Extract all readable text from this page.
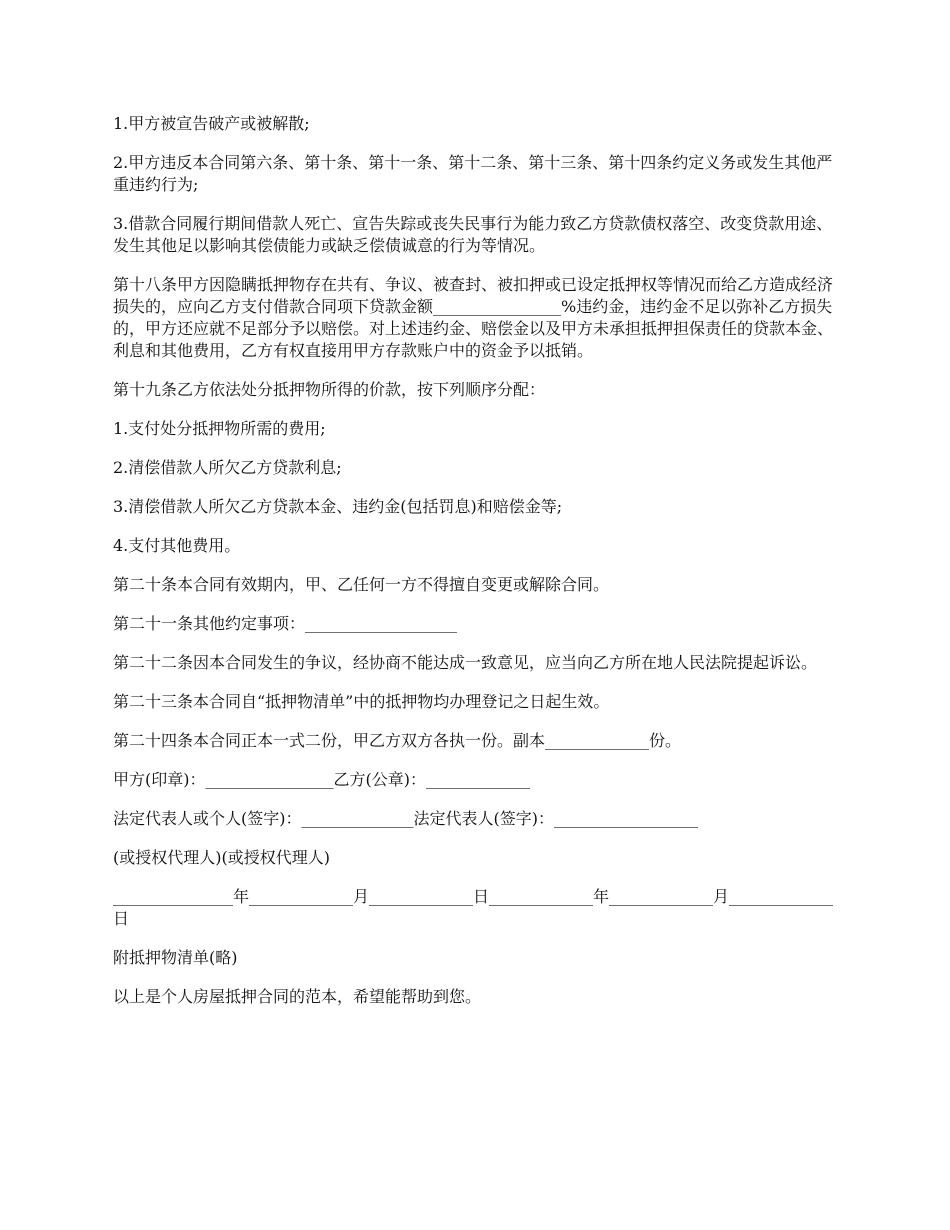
1.甲方被宣告破产或被解散;

2.甲方违反本合同第六条、第十条、第十一条、第十二条、第十三条、第十四条约定义务或发生其他严重违约行为;

3.借款合同履行期间借款人死亡、宣告失踪或丧失民事行为能力致乙方贷款债权落空、改变贷款用途、发生其他足以影响其偿债能力或缺乏偿债诚意的行为等情况。

第十八条甲方因隐瞒抵押物存在共有、争议、被查封、被扣押或已设定抵押权等情况而给乙方造成经济损失的，应向乙方支付借款合同项下贷款金额________________%违约金，违约金不足以弥补乙方损失的，甲方还应就不足部分予以赔偿。对上述违约金、赔偿金以及甲方未承担抵押担保责任的贷款本金、利息和其他费用，乙方有权直接用甲方存款账户中的资金予以抵销。

第十九条乙方依法处分抵押物所得的价款，按下列顺序分配：

1.支付处分抵押物所需的费用;

2.清偿借款人所欠乙方贷款利息;

3.清偿借款人所欠乙方贷款本金、违约金(包括罚息)和赔偿金等;

4.支付其他费用。

第二十条本合同有效期内，甲、乙任何一方不得擅自变更或解除合同。

第二十一条其他约定事项：___________________

第二十二条因本合同发生的争议，经协商不能达成一致意见，应当向乙方所在地人民法院提起诉讼。

第二十三条本合同自“抵押物清单”中的抵押物均办理登记之日起生效。

第二十四条本合同正本一式二份，甲乙方双方各执一份。副本_____________份。

甲方(印章)：________________乙方(公章)：_____________

法定代表人或个人(签字)：______________法定代表人(签字)：__________________

(或授权代理人)(或授权代理人)

_______________年_____________月_____________日_____________年_____________月_____________日

附抵押物清单(略)

以上是个人房屋抵押合同的范本，希望能帮助到您。
